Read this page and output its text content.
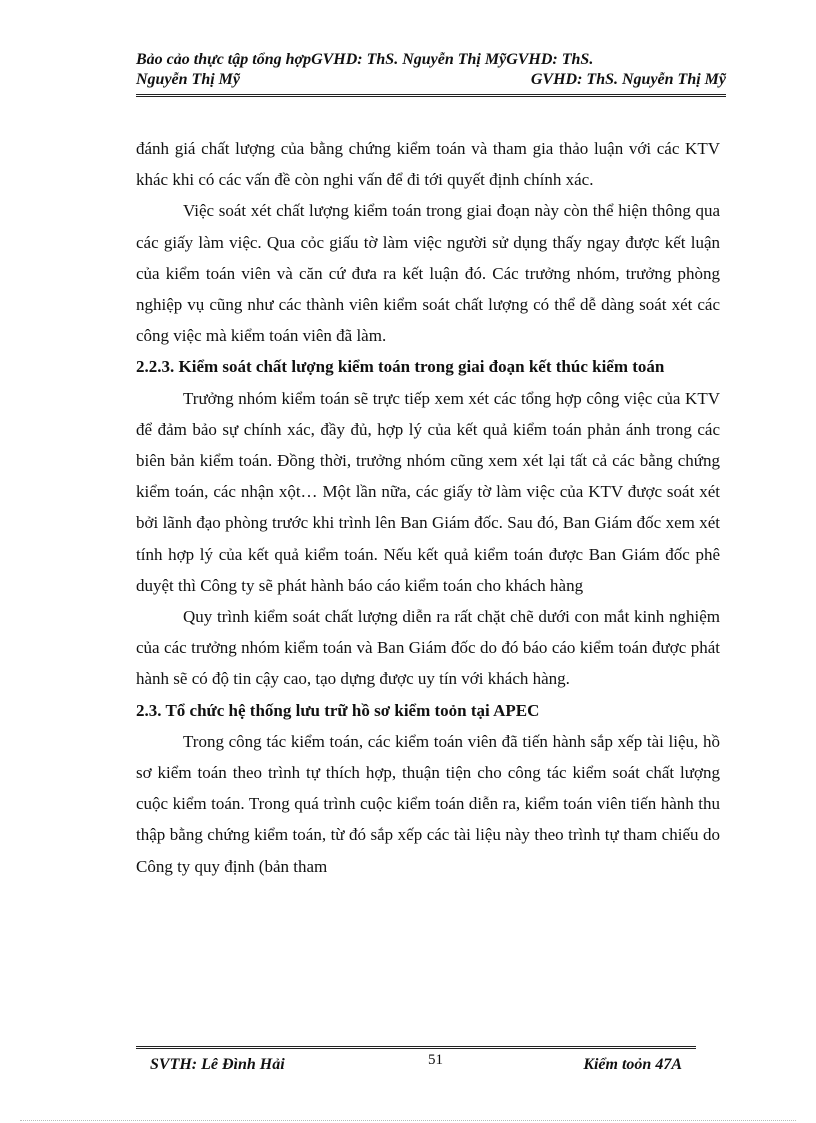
Bảo cảo thực tập tổng hợpGVHD: ThS. Nguyễn Thị MỹGVHD: ThS.
Nguyễn Thị Mỹ	GVHD: ThS. Nguyễn Thị Mỹ

đánh giá chất lượng của bằng chứng kiểm toán và tham gia thảo luận với các KTV khác khi có các vấn đề còn nghi vấn để đi tới quyết định chính xác.

Việc soát xét chất lượng kiểm toán trong giai đoạn này còn thể hiện thông qua các giấy làm việc. Qua cỏc giấu tờ làm việc người sử dụng thấy ngay được kết luận của kiểm toán viên và căn cứ đưa ra kết luận đó. Các trưởng nhóm, trưởng phòng nghiệp vụ cũng như các thành viên kiểm soát chất lượng có thể dễ dàng soát xét các công việc mà kiểm toán viên đã làm.

2.2.3. Kiểm soát chất lượng kiểm toán trong giai đoạn kết thúc kiểm toán

Trưởng nhóm kiểm toán sẽ trực tiếp xem xét các tổng hợp công việc của KTV để đảm bảo sự chính xác, đầy đủ, hợp lý của kết quả kiểm toán phản ánh trong các biên bản kiểm toán. Đồng thời, trưởng nhóm cũng xem xét lại tất cả các bằng chứng kiểm toán, các nhận xột… Một lần nữa, các giấy tờ làm việc của KTV được soát xét bởi lãnh đạo phòng trước khi trình lên Ban Giám đốc. Sau đó, Ban Giám đốc xem xét tính hợp lý của kết quả kiểm toán. Nếu kết quả kiểm toán được Ban Giám đốc phê duyệt thì Công ty sẽ phát hành báo cáo kiểm toán cho khách hàng

Quy trình kiểm soát chất lượng diễn ra rất chặt chẽ dưới con mắt kinh nghiệm của các trưởng nhóm kiểm toán và Ban Giám đốc do đó báo cáo kiểm toán được phát hành sẽ có độ tin cậy cao, tạo dựng được uy tín với khách hàng.

2.3. Tổ chức hệ thống lưu trữ hồ sơ kiểm toỏn tại APEC

Trong công tác kiểm toán, các kiểm toán viên đã tiến hành sắp xếp tài liệu, hồ sơ kiểm toán theo trình tự thích hợp, thuận tiện cho công tác kiểm soát chất lượng cuộc kiểm toán. Trong quá trình cuộc kiểm toán diễn ra, kiểm toán viên tiến hành thu thập bằng chứng kiểm toán, từ đó sắp xếp các tài liệu này theo trình tự tham chiếu do Công ty quy định (bản tham

SVTH: Lê Đình Hải	51	Kiểm toỏn 47A
